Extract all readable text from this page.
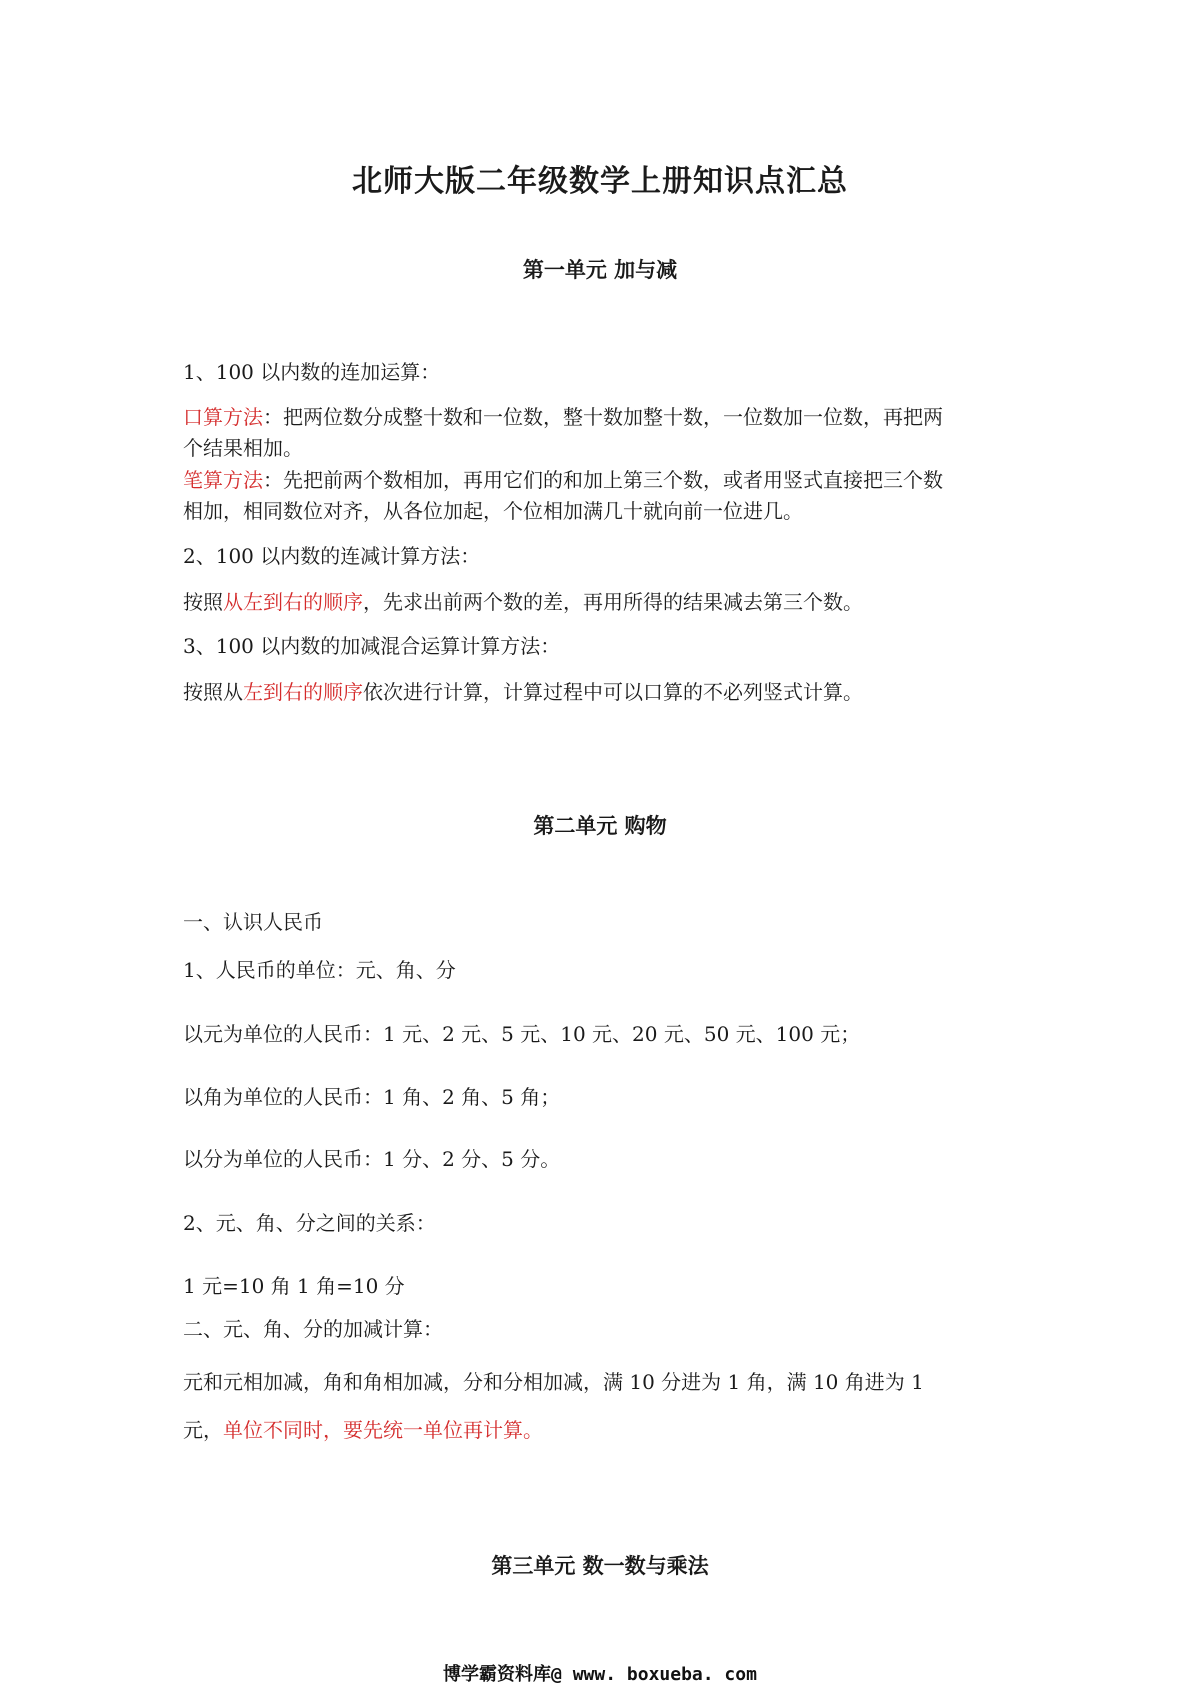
北师大版二年级数学上册知识点汇总
第一单元 加与减

1、100 以内数的连加运算：

口算方法：把两位数分成整十数和一位数，整十数加整十数，一位数加一位数，再把两

个结果相加。

笔算方法：先把前两个数相加，再用它们的和加上第三个数，或者用竖式直接把三个数

相加，相同数位对齐，从各位加起，个位相加满几十就向前一位进几。

2、100 以内数的连减计算方法：

按照从左到右的顺序，先求出前两个数的差，再用所得的结果减去第三个数。

3、100 以内数的加减混合运算计算方法：

按照从左到右的顺序依次进行计算，计算过程中可以口算的不必列竖式计算。

第二单元 购物

一、认识人民币

1、人民币的单位：元、角、分

以元为单位的人民币：1 元、2 元、5 元、10 元、20 元、50 元、100 元；

以角为单位的人民币：1 角、2 角、5 角；

以分为单位的人民币：1 分、2 分、5 分。

2、元、角、分之间的关系：

1 元=10 角 1 角=10 分

二、元、角、分的加减计算：

元和元相加减，角和角相加减，分和分相加减，满 10 分进为 1 角，满 10 角进为 1

元，单位不同时，要先统一单位再计算。

第三单元 数一数与乘法
博学霸资料库@ www. boxueba. com
